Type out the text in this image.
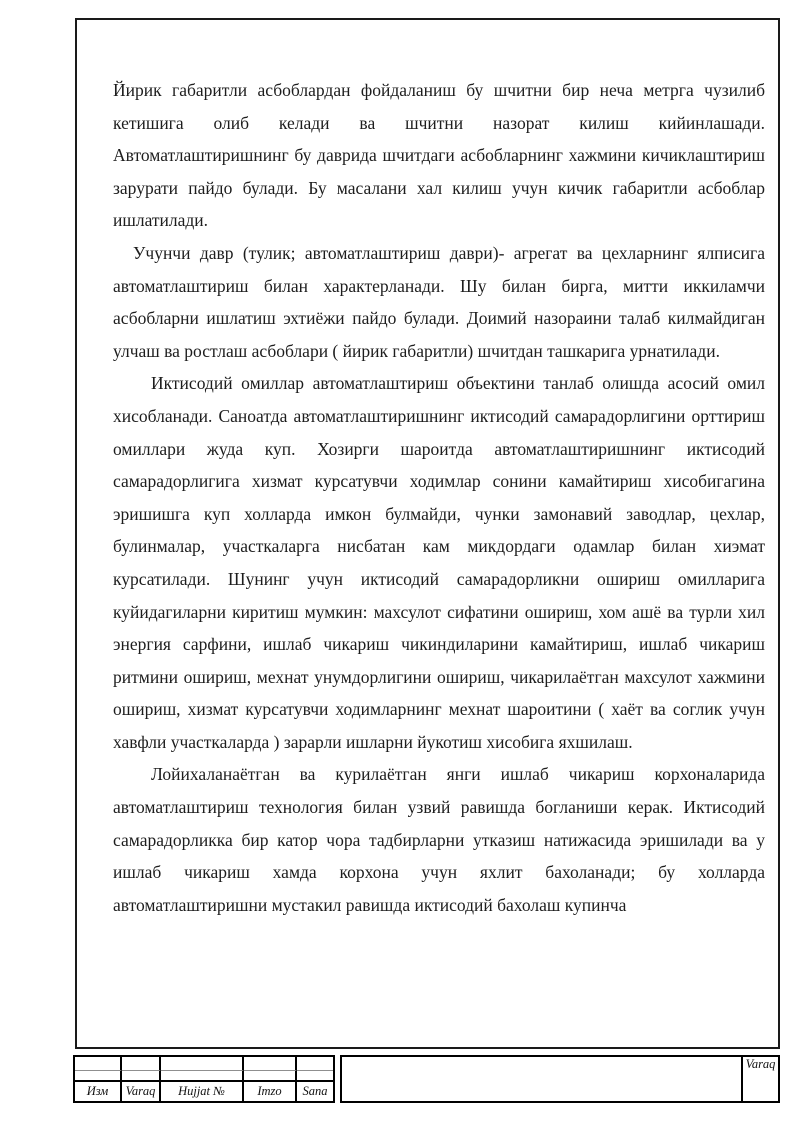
Йирик габаритли асбоблардан фойдаланиш бу шчитни бир неча метрга чузилиб кетишига олиб келади ва шчитни назорат килиш кийинлашади. Автоматлаштиришнинг бу даврида шчитдаги асбобларнинг хажмини кичиклаштириш зарурати пайдо булади. Бу масалани хал килиш учун кичик габаритли асбоблар ишлатилади.

Учунчи давр (тулик; автоматлаштириш даври)- агрегат ва цехларнинг ялписига автоматлаштириш билан характерланади. Шу билан бирга, митти иккиламчи асбобларни ишлатиш эхтиёжи пайдо булади. Доимий назораини талаб килмайдиган улчаш ва ростлаш асбоблари ( йирик габаритли) шчитдан ташкарига урнатилади.

Иктисодий омиллар автоматлаштириш объектини танлаб олишда асосий омил хисобланади. Саноатда автоматлаштиришнинг иктисодий самарадорлигини орттириш омиллари жуда куп. Хозирги шароитда автоматлаштиришнинг иктисодий самарадорлигига хизмат курсатувчи ходимлар сонини камайтириш хисобигагина эришишга куп холларда имкон булмайди, чунки замонавий заводлар, цехлар, булинмалар, участкаларга нисбатан кам микдордаги одамлар билан хиэмат курсатилади. Шунинг учун иктисодий самарадорликни ошириш омилларига куйидагиларни киритиш мумкин: махсулот сифатини ошириш, хом ашё ва турли хил энергия сарфини, ишлаб чикариш чикиндиларини камайтириш, ишлаб чикариш ритмини ошириш, мехнат унумдорлигини ошириш, чикарилаётган махсулот хажмини ошириш, хизмат курсатувчи ходимларнинг мехнат шароитини ( хаёт ва соглик учун хавфли участкаларда ) зарарли ишларни йукотиш хисобига яхшилаш.

Лойихаланаётган ва курилаётган янги ишлаб чикариш корхоналарида автоматлаштириш технология билан узвий равишда богланиши керак. Иктисодий самарадорликка бир катор чора тадбирларни утказиш натижасида эришилади ва у ишлаб чикариш хамда корхона учун яхлит бахоланади; бу холларда автоматлаштиришни мустакил равишда иктисодий бахолаш купинча

Изм	Varaq	Hujjat №	Imzo	Sana
Varaq
